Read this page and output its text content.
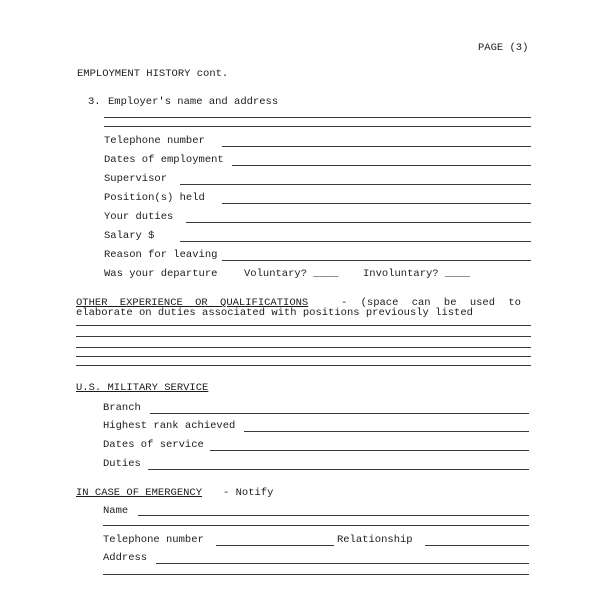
PAGE (3)
EMPLOYMENT HISTORY cont.
3. Employer's name and address
Telephone number
Dates of employment
Supervisor
Position(s) held
Your duties
Salary $
Reason for leaving
Was your departure	Voluntary? ____ Involuntary? ____
OTHER EXPERIENCE OR QUALIFICATIONS	- (space can be used to
elaborate on duties associated with positions previously listed
U.S. MILITARY SERVICE
Branch
Highest rank achieved
Dates of service
Duties
IN CASE OF EMERGENCY - Notify
Name
Telephone number	Relationship
Address
